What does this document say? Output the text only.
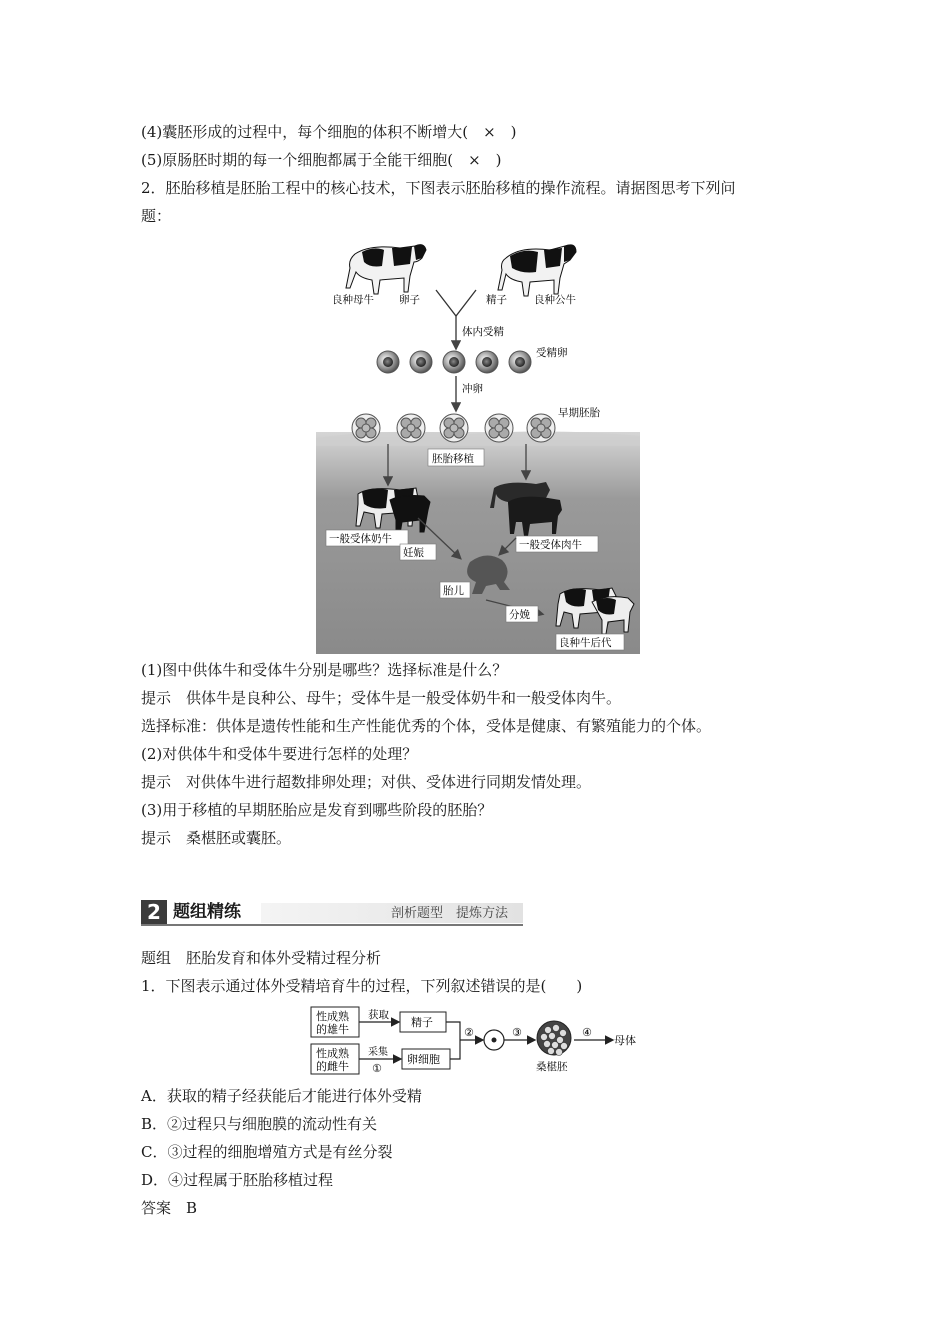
(4)囊胚形成的过程中，每个细胞的体积不断增大(　×　)
(5)原肠胚时期的每一个细胞都属于全能干细胞(　×　)
2．胚胎移植是胚胎工程中的核心技术，下图表示胚胎移植的操作流程。请据图思考下列问
题：
良种母牛 卵子	精子	良种公牛
体内受精
受精卵
冲卵
早期胚胎
胚胎移植
一般受体奶牛	一般受体肉牛
妊娠
胎儿
分娩
良种牛后代
(1)图中供体牛和受体牛分别是哪些？选择标准是什么？
提示　供体牛是良种公、母牛；受体牛是一般受体奶牛和一般受体肉牛。
选择标准：供体是遗传性能和生产性能优秀的个体，受体是健康、有繁殖能力的个体。
(2)对供体牛和受体牛要进行怎样的处理？
提示　对供体牛进行超数排卵处理；对供、受体进行同期发情处理。
(3)用于移植的早期胚胎应是发育到哪些阶段的胚胎？
提示　桑椹胚或囊胚。
2 题组精练	剖析题型　提炼方法
题组　胚胎发育和体外受精过程分析
1．下图表示通过体外受精培育牛的过程，下列叙述错误的是(　　)
性成熟
的雄牛
性成熟
的雌牛
获取
采集
①
精子
卵细胞
②	③
桑椹胚
④
母体
A．获取的精子经获能后才能进行体外受精
B．②过程只与细胞膜的流动性有关
C．③过程的细胞增殖方式是有丝分裂
D．④过程属于胚胎移植过程
答案　B
